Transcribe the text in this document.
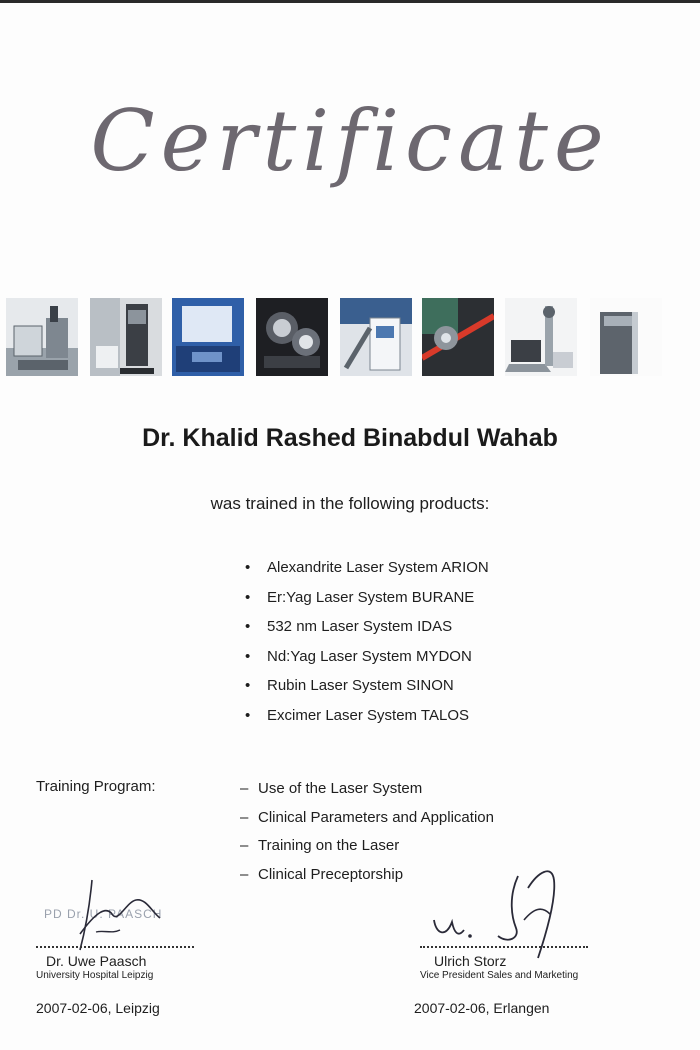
Certificate
Dr. Khalid Rashed Binabdul Wahab
was trained in the following products:
• Alexandrite Laser System ARION
• Er:Yag Laser System BURANE
• 532 nm Laser System IDAS
• Nd:Yag Laser System MYDON
• Rubin Laser System SINON
• Excimer Laser System TALOS
Training Program:	– Use of the Laser System
– Clinical Parameters and Application
– Training on the Laser
– Clinical Preceptorship
PD Dr. U. PAASCH
Dr. Uwe Paasch
University Hospital Leipzig
2007-02-06, Leipzig
Ulrich Storz
Vice President Sales and Marketing
2007-02-06, Erlangen
